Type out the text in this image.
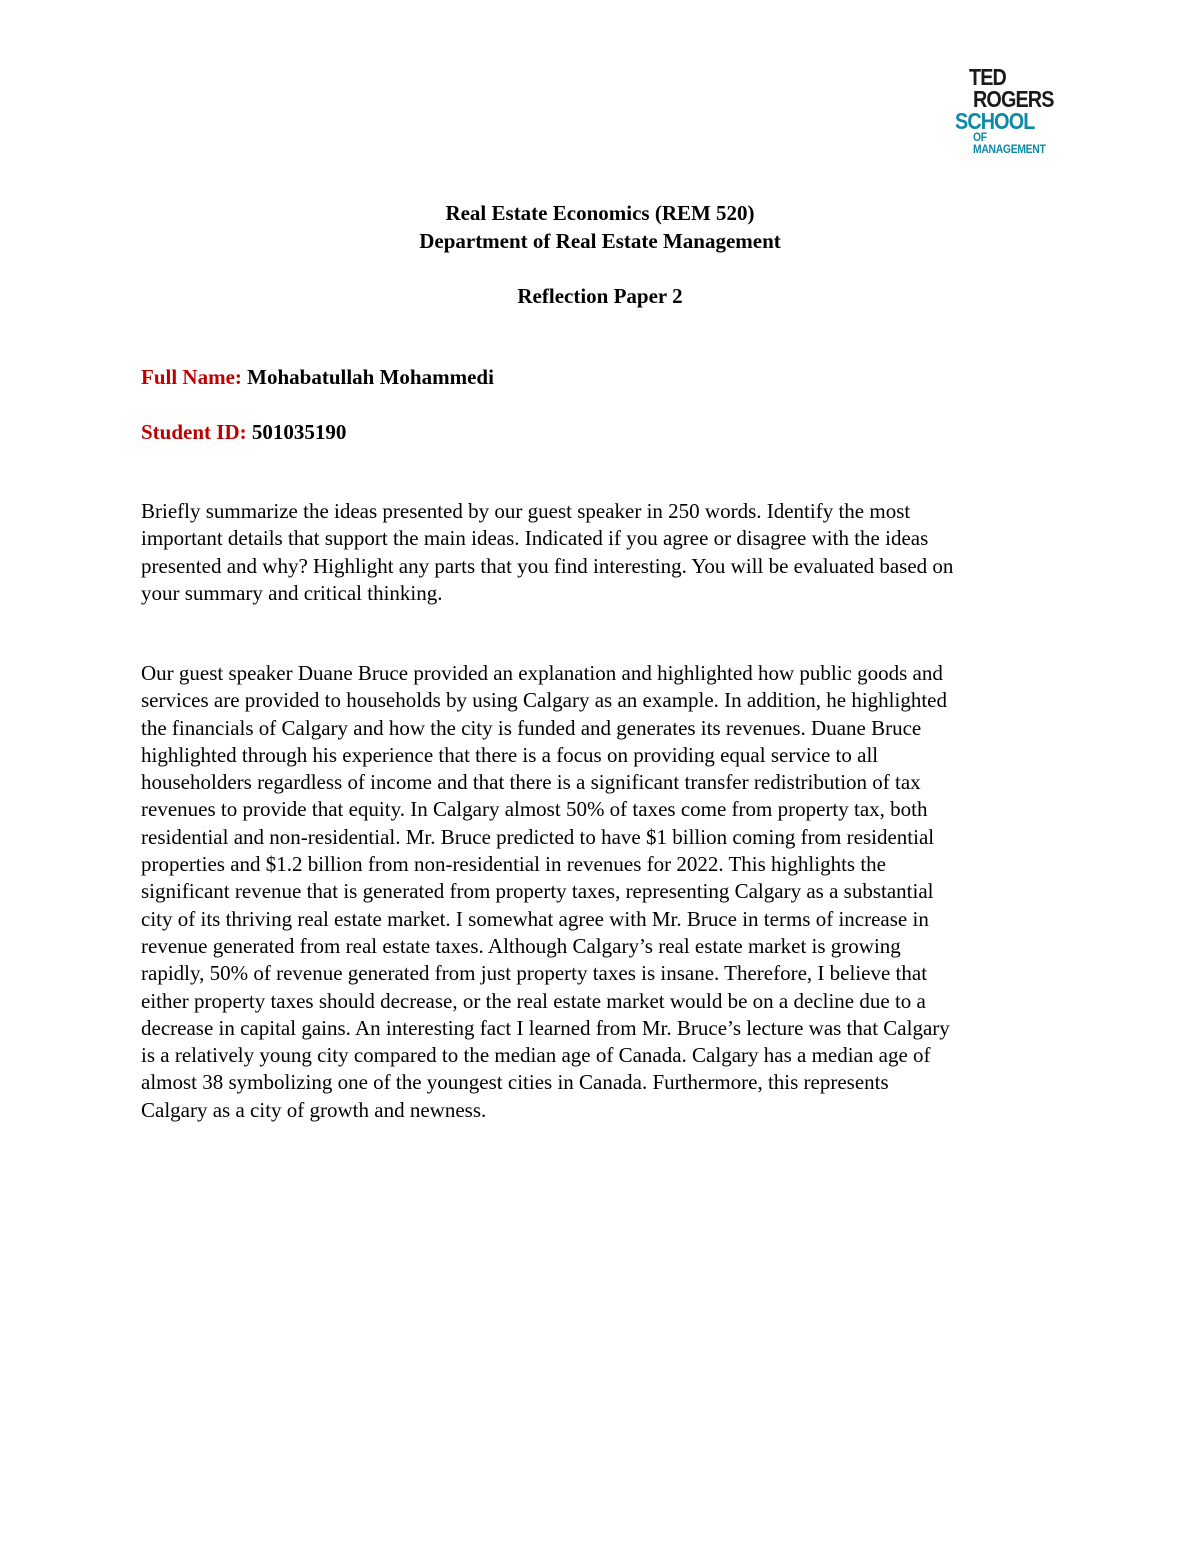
TED
ROGERS
SCHOOL
OF MANAGEMENT
Real Estate Economics (REM 520)
Department of Real Estate Management
Reflection Paper 2
Full Name: Mohabatullah Mohammedi
Student ID: 501035190
Briefly summarize the ideas presented by our guest speaker in 250 words. Identify the most
important details that support the main ideas. Indicated if you agree or disagree with the ideas
presented and why? Highlight any parts that you find interesting. You will be evaluated based on
your summary and critical thinking.
Our guest speaker Duane Bruce provided an explanation and highlighted how public goods and
services are provided to households by using Calgary as an example. In addition, he highlighted
the financials of Calgary and how the city is funded and generates its revenues. Duane Bruce
highlighted through his experience that there is a focus on providing equal service to all
householders regardless of income and that there is a significant transfer redistribution of tax
revenues to provide that equity. In Calgary almost 50% of taxes come from property tax, both
residential and non-residential. Mr. Bruce predicted to have $1 billion coming from residential
properties and $1.2 billion from non-residential in revenues for 2022. This highlights the
significant revenue that is generated from property taxes, representing Calgary as a substantial
city of its thriving real estate market. I somewhat agree with Mr. Bruce in terms of increase in
revenue generated from real estate taxes. Although Calgary’s real estate market is growing
rapidly, 50% of revenue generated from just property taxes is insane. Therefore, I believe that
either property taxes should decrease, or the real estate market would be on a decline due to a
decrease in capital gains. An interesting fact I learned from Mr. Bruce’s lecture was that Calgary
is a relatively young city compared to the median age of Canada. Calgary has a median age of
almost 38 symbolizing one of the youngest cities in Canada. Furthermore, this represents
Calgary as a city of growth and newness.
